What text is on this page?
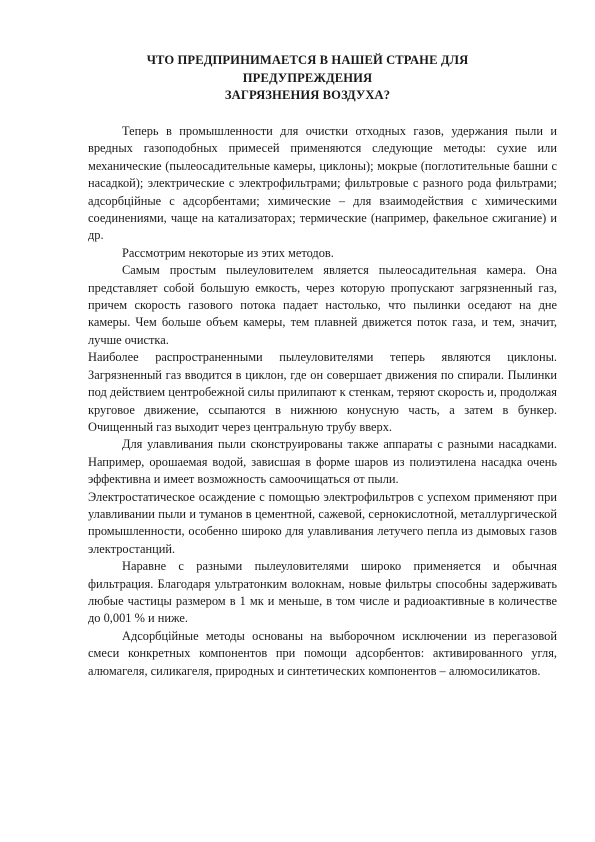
ЧТО ПРЕДПРИНИМАЕТСЯ В НАШЕЙ СТРАНЕ ДЛЯ
ПРЕДУПРЕЖДЕНИЯ
ЗАГРЯЗНЕНИЯ ВОЗДУХА?

Теперь в промышленности для очистки отходных газов, удержания пыли и вредных газоподобных примесей применяются следующие методы: сухие или механические (пылеосадительные камеры, циклоны); мокрые (поглотительные башни с насадкой); электрические с электрофильтрами; фильтровые с разного рода фильтрами; адсорбційные с адсорбентами; химические – для взаимодействия с химическими соединениями, чаще на катализаторах; термические (например, факельное сжигание) и др.

Рассмотрим некоторые из этих методов.

Самым простым пылеуловителем является пылеосадительная камера. Она представляет собой большую емкость, через которую пропускают загрязненный газ, причем скорость газового потока падает настолько, что пылинки оседают на дне камеры. Чем больше объем камеры, тем плавней движется поток газа, и тем, значит, лучше очистка.

Наиболее распространенными пылеуловителями теперь являются циклоны. Загрязненный газ вводится в циклон, где он совершает движения по спирали. Пылинки под действием центробежной силы прилипают к стенкам, теряют скорость и, продолжая круговое движение, ссыпаются в нижнюю конусную часть, а затем в бункер. Очищенный газ выходит через центральную трубу вверх.

Для улавливания пыли сконструированы также аппараты с разными насадками. Например, орошаемая водой, зависшая в форме шаров из полиэтилена насадка очень эффективна и имеет возможность самоочищаться от пыли.

Электростатическое осаждение с помощью электрофильтров с успехом применяют при улавливании пыли и туманов в цементной, сажевой, сернокислотной, металлургической промышленности, особенно широко для улавливания летучего пепла из дымовых газов электростанций.

Наравне с разными пылеуловителями широко применяется и обычная фильтрация. Благодаря ультратонким волокнам, новые фильтры способны задерживать любые частицы размером в 1 мк и меньше, в том числе и радиоактивные в количестве до 0,001 % и ниже.

Адсорбційные методы основаны на выборочном исключении из перегазовой смеси конкретных компонентов при помощи адсорбентов: активированного угля, алюмагеля, силикагеля, природных и синтетических компонентов – алюмосиликатов.
